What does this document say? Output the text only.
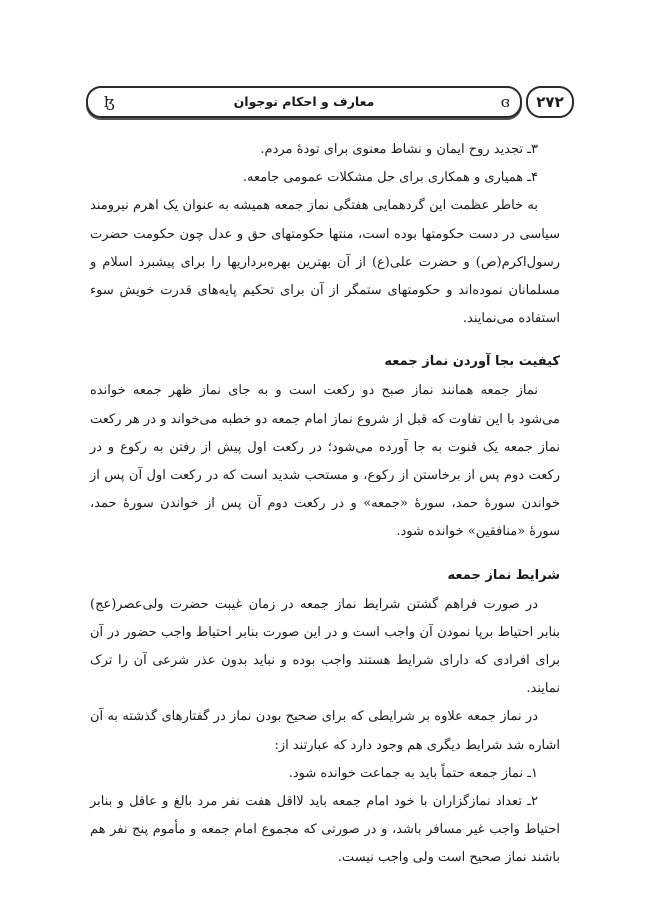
۲۷۲
ɞ
معارف و احکام نوجوان
ɮ

۳ـ تجدید روح ایمان و نشاط معنوی برای تودهٔ مردم.

۴ـ همیاری و همکاری برای حل مشکلات عمومی جامعه.

به خاطر عظمت این گردهمایی هفتگی نماز جمعه همیشه به عنوان یک اهرم نیرومند سیاسی در دست حکومتها بوده است، منتها حکومتهای حق و عدل چون حکومت حضرت رسول‌اکرم(ص) و حضرت علی(ع) از آن بهترین بهره‌برداریها را برای پیشبرد اسلام و مسلمانان نموده‌اند و حکومتهای ستمگر از آن برای تحکیم پایه‌های قدرت خویش سوء استفاده می‌نمایند.

کیفیت بجا آوردن نماز جمعه

نماز جمعه همانند نماز صبح دو رکعت است و به جای نماز ظهر جمعه خوانده می‌شود با این تفاوت که قبل از شروع نماز امام جمعه دو خطبه می‌خواند و در هر رکعت نماز جمعه یک قنوت به جا آورده می‌شود؛ در رکعت اول پیش از رفتن به رکوع و در رکعت دوم پس از برخاستن از رکوع، و مستحب شدید است که در رکعت اول آن پس از خواندن سورهٔ حمد، سورهٔ «جمعه» و در رکعت دوم آن پس از خواندن سورهٔ حمد، سورهٔ «منافقین» خوانده شود.

شرایط نماز جمعه

در صورت فراهم گشتن شرایط نماز جمعه در زمان غیبت حضرت ولی‌عصر(عج) بنابر احتیاط برپا نمودن آن واجب است و در این صورت بنابر احتیاط واجب حضور در آن برای افرادی که دارای شرایط هستند واجب بوده و نباید بدون عذر شرعی آن را ترک نمایند.

در نماز جمعه علاوه بر شرایطی که برای صحیح بودن نماز در گفتارهای گذشته به آن اشاره شد شرایط دیگری هم وجود دارد که عبارتند از:

۱ـ نماز جمعه حتماً باید به جماعت خوانده شود.

۲ـ تعداد نمازگزاران با خود امام جمعه باید لااقل هفت نفر مرد بالغ و عاقل و بنابر احتیاط واجب غیر مسافر باشد، و در صورتی که مجموع امام جمعه و مأموم پنج نفر هم باشند نماز صحیح است ولی واجب نیست.
